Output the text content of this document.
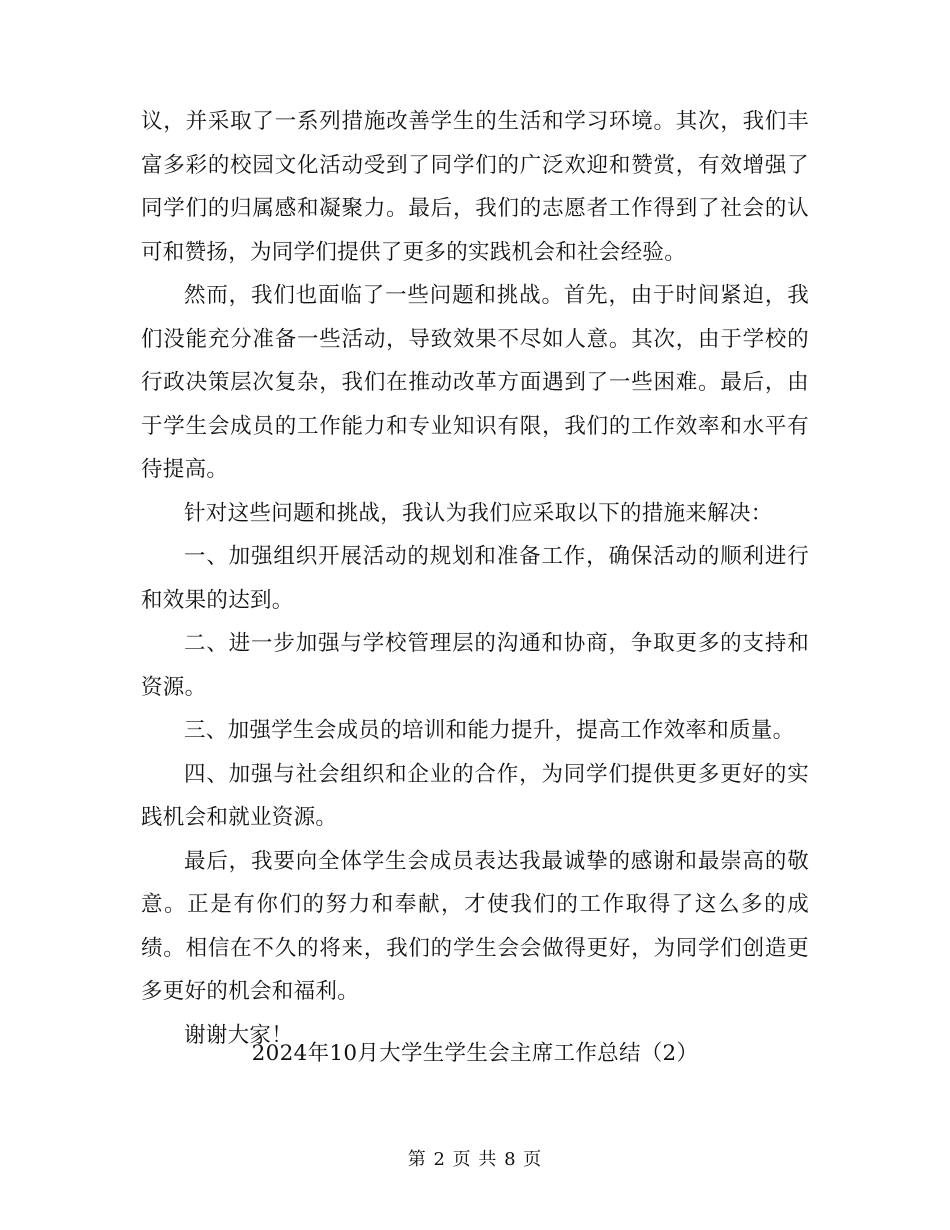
议，并采取了一系列措施改善学生的生活和学习环境。其次，我们丰富多彩的校园文化活动受到了同学们的广泛欢迎和赞赏，有效增强了同学们的归属感和凝聚力。最后，我们的志愿者工作得到了社会的认可和赞扬，为同学们提供了更多的实践机会和社会经验。

然而，我们也面临了一些问题和挑战。首先，由于时间紧迫，我们没能充分准备一些活动，导致效果不尽如人意。其次，由于学校的行政决策层次复杂，我们在推动改革方面遇到了一些困难。最后，由于学生会成员的工作能力和专业知识有限，我们的工作效率和水平有待提高。

针对这些问题和挑战，我认为我们应采取以下的措施来解决：

一、加强组织开展活动的规划和准备工作，确保活动的顺利进行和效果的达到。

二、进一步加强与学校管理层的沟通和协商，争取更多的支持和资源。

三、加强学生会成员的培训和能力提升，提高工作效率和质量。

四、加强与社会组织和企业的合作，为同学们提供更多更好的实践机会和就业资源。

最后，我要向全体学生会成员表达我最诚挚的感谢和最崇高的敬意。正是有你们的努力和奉献，才使我们的工作取得了这么多的成绩。相信在不久的将来，我们的学生会会做得更好，为同学们创造更多更好的机会和福利。

谢谢大家！

2024年10月大学生学生会主席工作总结（2）
第 2 页 共 8 页
